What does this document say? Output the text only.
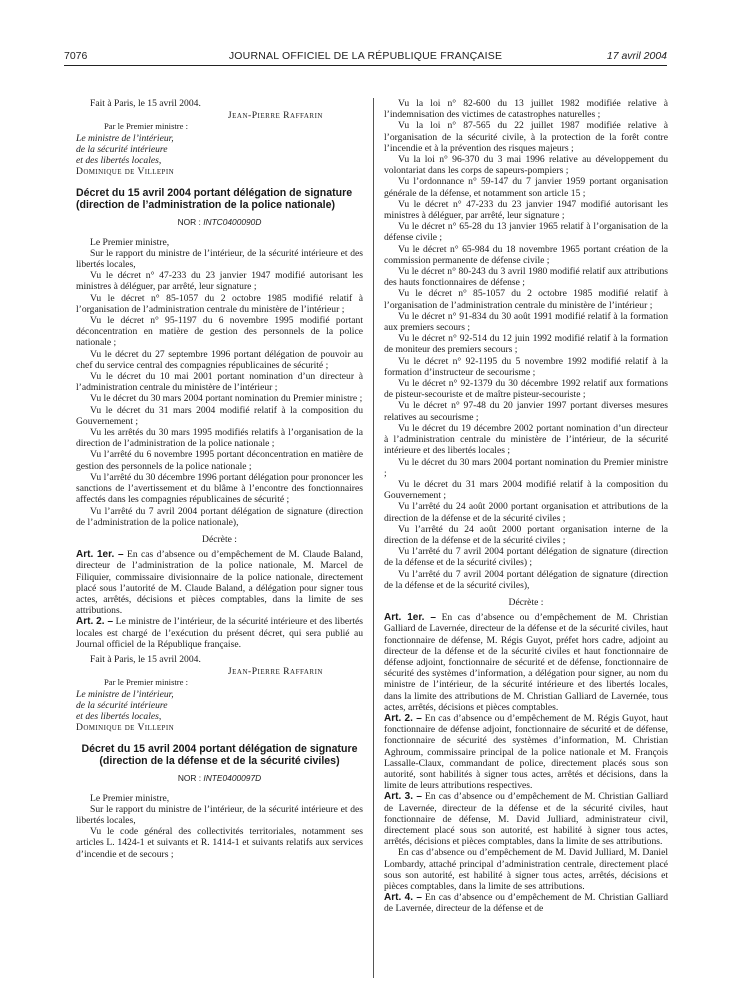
7076	JOURNAL OFFICIEL DE LA RÉPUBLIQUE FRANÇAISE	17 avril 2004

Fait à Paris, le 15 avril 2004.

Jean-Pierre Raffarin

Par le Premier ministre :

Le ministre de l’intérieur,

de la sécurité intérieure

et des libertés locales,

Dominique de Villepin

Décret du 15 avril 2004 portant délégation de signature (direction de l’administration de la police nationale)
NOR : INTC0400090D

Le Premier ministre,

Sur le rapport du ministre de l’intérieur, de la sécurité intérieure et des libertés locales,

Vu le décret n° 47-233 du 23 janvier 1947 modifié autorisant les ministres à déléguer, par arrêté, leur signature ;

Vu le décret n° 85-1057 du 2 octobre 1985 modifié relatif à l’organisation de l’administration centrale du ministère de l’intérieur ;

Vu le décret n° 95-1197 du 6 novembre 1995 modifié portant déconcentration en matière de gestion des personnels de la police nationale ;

Vu le décret du 27 septembre 1996 portant délégation de pouvoir au chef du service central des compagnies républicaines de sécurité ;

Vu le décret du 10 mai 2001 portant nomination d’un directeur à l’administration centrale du ministère de l’intérieur ;

Vu le décret du 30 mars 2004 portant nomination du Premier ministre ;

Vu le décret du 31 mars 2004 modifié relatif à la composition du Gouvernement ;

Vu les arrêtés du 30 mars 1995 modifiés relatifs à l’organisation de la direction de l’administration de la police nationale ;

Vu l’arrêté du 6 novembre 1995 portant déconcentration en matière de gestion des personnels de la police nationale ;

Vu l’arrêté du 30 décembre 1996 portant délégation pour prononcer les sanctions de l’avertissement et du blâme à l’encontre des fonctionnaires affectés dans les compagnies républicaines de sécurité ;

Vu l’arrêté du 7 avril 2004 portant délégation de signature (direction de l’administration de la police nationale),

Décrète :

Art. 1er. – En cas d’absence ou d’empêchement de M. Claude Baland, directeur de l’administration de la police nationale, M. Marcel de Filiquier, commissaire divisionnaire de la police nationale, directement placé sous l’autorité de M. Claude Baland, a délégation pour signer tous actes, arrêtés, décisions et pièces comptables, dans la limite de ses attributions.

Art. 2. – Le ministre de l’intérieur, de la sécurité intérieure et des libertés locales est chargé de l’exécution du présent décret, qui sera publié au Journal officiel de la République française.

Fait à Paris, le 15 avril 2004.

Jean-Pierre Raffarin

Par le Premier ministre :

Le ministre de l’intérieur,

de la sécurité intérieure

et des libertés locales,

Dominique de Villepin

Décret du 15 avril 2004 portant délégation de signature (direction de la défense et de la sécurité civiles)
NOR : INTE0400097D

Le Premier ministre,

Sur le rapport du ministre de l’intérieur, de la sécurité intérieure et des libertés locales,

Vu le code général des collectivités territoriales, notamment ses articles L. 1424-1 et suivants et R. 1414-1 et suivants relatifs aux services d’incendie et de secours ;

Vu la loi n° 82-600 du 13 juillet 1982 modifiée relative à l’indemnisation des victimes de catastrophes naturelles ;

Vu la loi n° 87-565 du 22 juillet 1987 modifiée relative à l’organisation de la sécurité civile, à la protection de la forêt contre l’incendie et à la prévention des risques majeurs ;

Vu la loi n° 96-370 du 3 mai 1996 relative au développement du volontariat dans les corps de sapeurs-pompiers ;

Vu l’ordonnance n° 59-147 du 7 janvier 1959 portant organisation générale de la défense, et notamment son article 15 ;

Vu le décret n° 47-233 du 23 janvier 1947 modifié autorisant les ministres à déléguer, par arrêté, leur signature ;

Vu le décret n° 65-28 du 13 janvier 1965 relatif à l’organisation de la défense civile ;

Vu le décret n° 65-984 du 18 novembre 1965 portant création de la commission permanente de défense civile ;

Vu le décret n° 80-243 du 3 avril 1980 modifié relatif aux attributions des hauts fonctionnaires de défense ;

Vu le décret n° 85-1057 du 2 octobre 1985 modifié relatif à l’organisation de l’administration centrale du ministère de l’intérieur ;

Vu le décret n° 91-834 du 30 août 1991 modifié relatif à la formation aux premiers secours ;

Vu le décret n° 92-514 du 12 juin 1992 modifié relatif à la formation de moniteur des premiers secours ;

Vu le décret n° 92-1195 du 5 novembre 1992 modifié relatif à la formation d’instructeur de secourisme ;

Vu le décret n° 92-1379 du 30 décembre 1992 relatif aux formations de pisteur-secouriste et de maître pisteur-secouriste ;

Vu le décret n° 97-48 du 20 janvier 1997 portant diverses mesures relatives au secourisme ;

Vu le décret du 19 décembre 2002 portant nomination d’un directeur à l’administration centrale du ministère de l’intérieur, de la sécurité intérieure et des libertés locales ;

Vu le décret du 30 mars 2004 portant nomination du Premier ministre ;

Vu le décret du 31 mars 2004 modifié relatif à la composition du Gouvernement ;

Vu l’arrêté du 24 août 2000 portant organisation et attributions de la direction de la défense et de la sécurité civiles ;

Vu l’arrêté du 24 août 2000 portant organisation interne de la direction de la défense et de la sécurité civiles ;

Vu l’arrêté du 7 avril 2004 portant délégation de signature (direction de la défense et de la sécurité civiles) ;

Vu l’arrêté du 7 avril 2004 portant délégation de signature (direction de la défense et de la sécurité civiles),

Décrète :

Art. 1er. – En cas d’absence ou d’empêchement de M. Christian Galliard de Lavernée, directeur de la défense et de la sécurité civiles, haut fonctionnaire de défense, M. Régis Guyot, préfet hors cadre, adjoint au directeur de la défense et de la sécurité civiles et haut fonctionnaire de défense adjoint, fonctionnaire de sécurité et de défense, fonctionnaire de sécurité des systèmes d’information, a délégation pour signer, au nom du ministre de l’intérieur, de la sécurité intérieure et des libertés locales, dans la limite des attributions de M. Christian Galliard de Lavernée, tous actes, arrêtés, décisions et pièces comptables.

Art. 2. – En cas d’absence ou d’empêchement de M. Régis Guyot, haut fonctionnaire de défense adjoint, fonctionnaire de sécurité et de défense, fonctionnaire de sécurité des systèmes d’information, M. Christian Aghroum, commissaire principal de la police nationale et M. François Lassalle-Claux, commandant de police, directement placés sous son autorité, sont habilités à signer tous actes, arrêtés et décisions, dans la limite de leurs attributions respectives.

Art. 3. – En cas d’absence ou d’empêchement de M. Christian Galliard de Lavernée, directeur de la défense et de la sécurité civiles, haut fonctionnaire de défense, M. David Julliard, administrateur civil, directement placé sous son autorité, est habilité à signer tous actes, arrêtés, décisions et pièces comptables, dans la limite de ses attributions.

En cas d’absence ou d’empêchement de M. David Julliard, M. Daniel Lombardy, attaché principal d’administration centrale, directement placé sous son autorité, est habilité à signer tous actes, arrêtés, décisions et pièces comptables, dans la limite de ses attributions.

Art. 4. – En cas d’absence ou d’empêchement de M. Christian Galliard de Lavernée, directeur de la défense et de
